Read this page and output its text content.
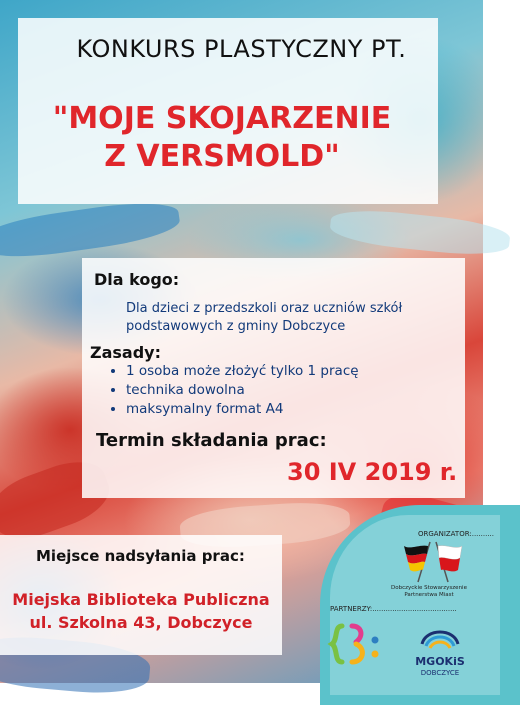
KONKURS PLASTYCZNY PT.
"MOJE SKOJARZENIE
Z VERSMOLD"
Dla kogo:
Dla dzieci z przedszkoli oraz uczniów szkół
podstawowych z gminy Dobczyce
Zasady:
• 1 osoba może złożyć tylko 1 pracę
• technika dowolna
• maksymalny format A4
Termin składania prac:
30 IV 2019 r.
Miejsce nadsyłania prac:
Miejska Biblioteka Publiczna
ul. Szkolna 43, Dobczyce
ORGANIZATOR:..........
Dobczyckie Stowarzyszenie
Partnerstwa Miast
PARTNERZY:......................................
MGOKiS
DOBCZYCE
